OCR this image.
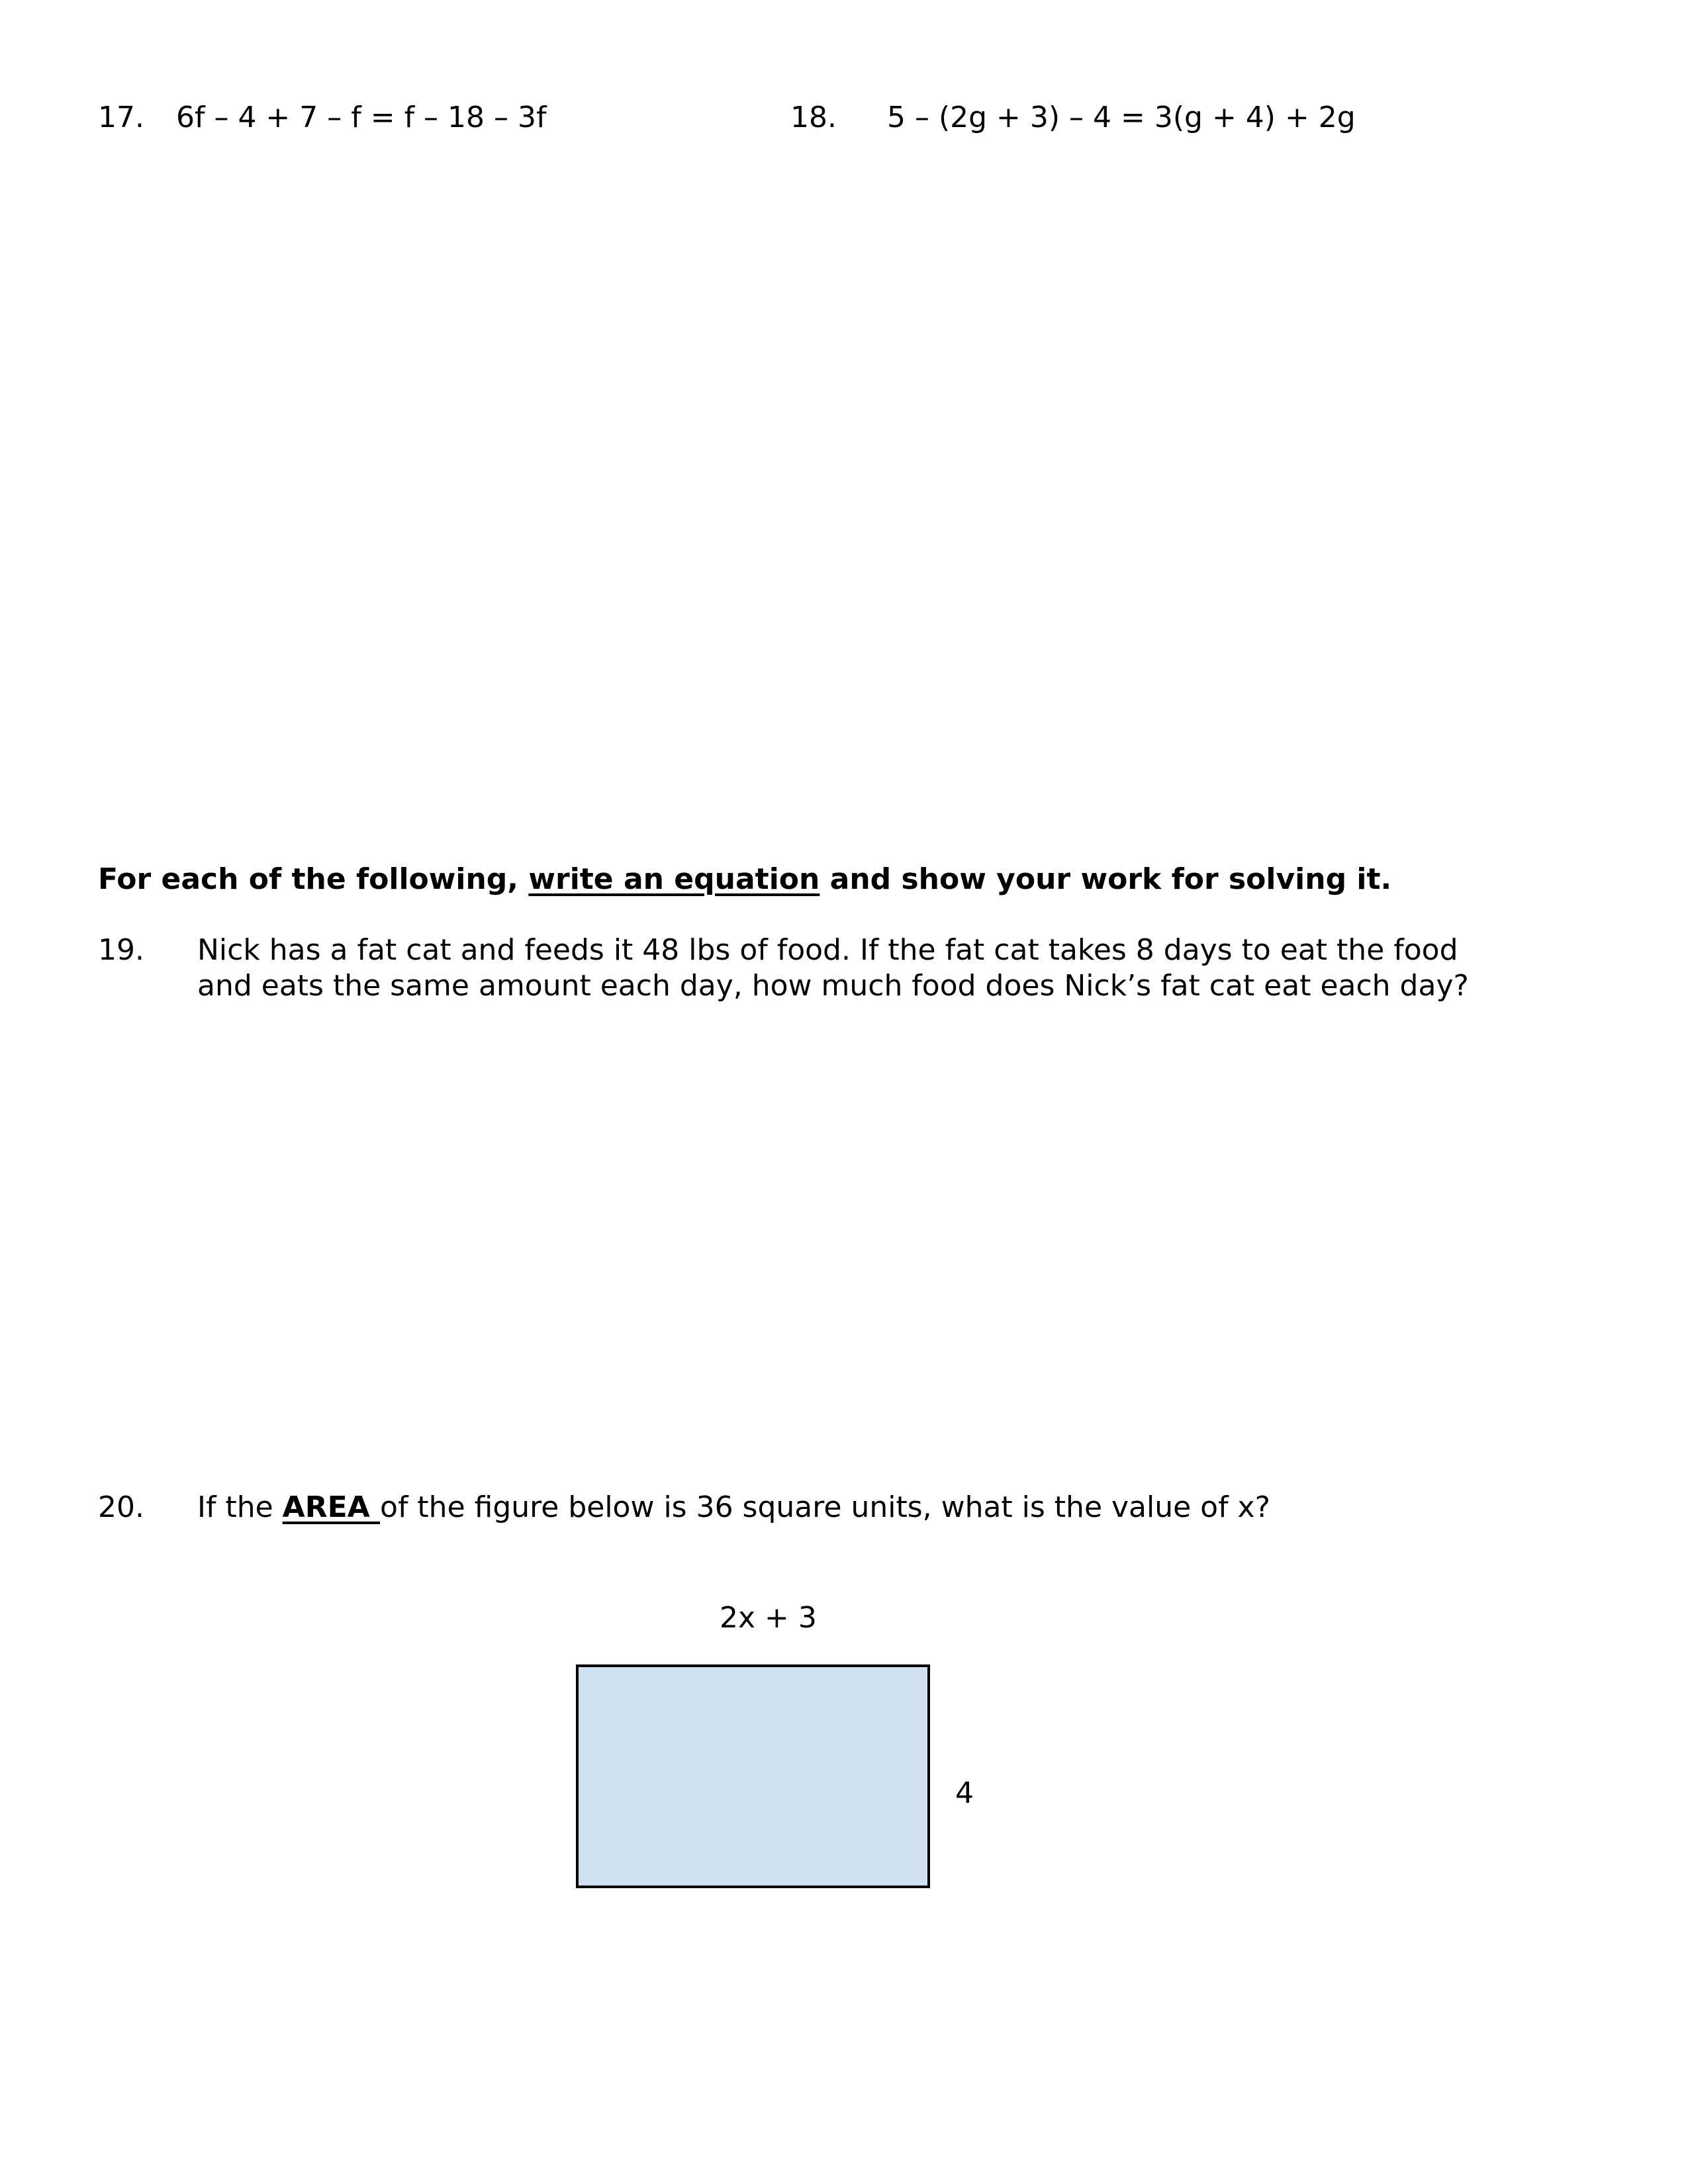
17. 6f – 4 + 7 – f = f – 18 – 3f	18. 5 – (2g + 3) – 4 = 3(g + 4) + 2g
For each of the following, write an equation and show your work for solving it.
19. Nick has a fat cat and feeds it 48 lbs of food. If the fat cat takes 8 days to eat the food
and eats the same amount each day, how much food does Nick’s fat cat eat each day?
20. If the AREA of the figure below is 36 square units, what is the value of x?
2x + 3
4
